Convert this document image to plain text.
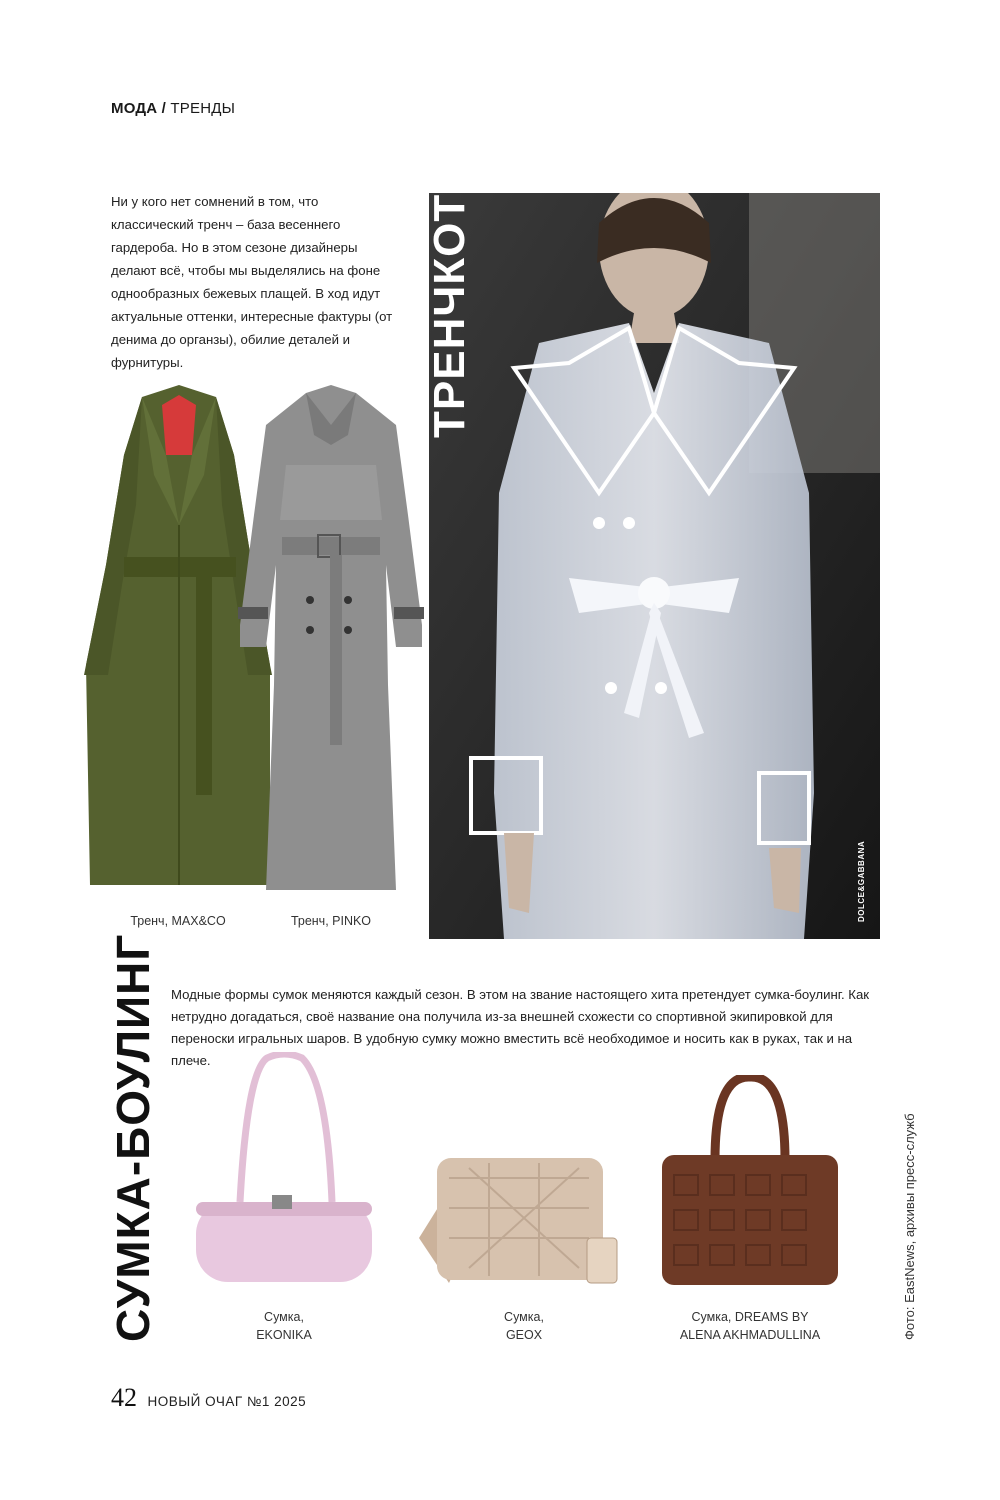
МОДА / ТРЕНДЫ
Ни у кого нет сомнений в том, что классический тренч – база весеннего гардероба. Но в этом сезоне дизайнеры делают всё, чтобы мы выделялись на фоне однообразных бежевых плащей. В ход идут актуальные оттенки, интересные фактуры (от денима до органзы), обилие деталей и фурнитуры.
Тренч, MAX&CO	Тренч, PINKO
ТРЕНЧКОТ
DOLCE&GABBANA
СУМКА-БОУЛИНГ Модные формы сумок меняются каждый сезон. В этом на звание настоящего хита претендует сумка-боулинг. Как нетрудно догадаться, своё название она получила из-за внешней схожести со спортивной экипировкой для переноски игральных шаров. В удобную сумку можно вместить всё необходимое и носить как в руках, так и на плече.
Сумка,
EKONIKA
Сумка,
GEOX
Сумка, DREAMS BY
ALENA AKHMADULLINA	Фото: EastNews, архивы пресс-служб
42 НОВЫЙ ОЧАГ №1 2025
